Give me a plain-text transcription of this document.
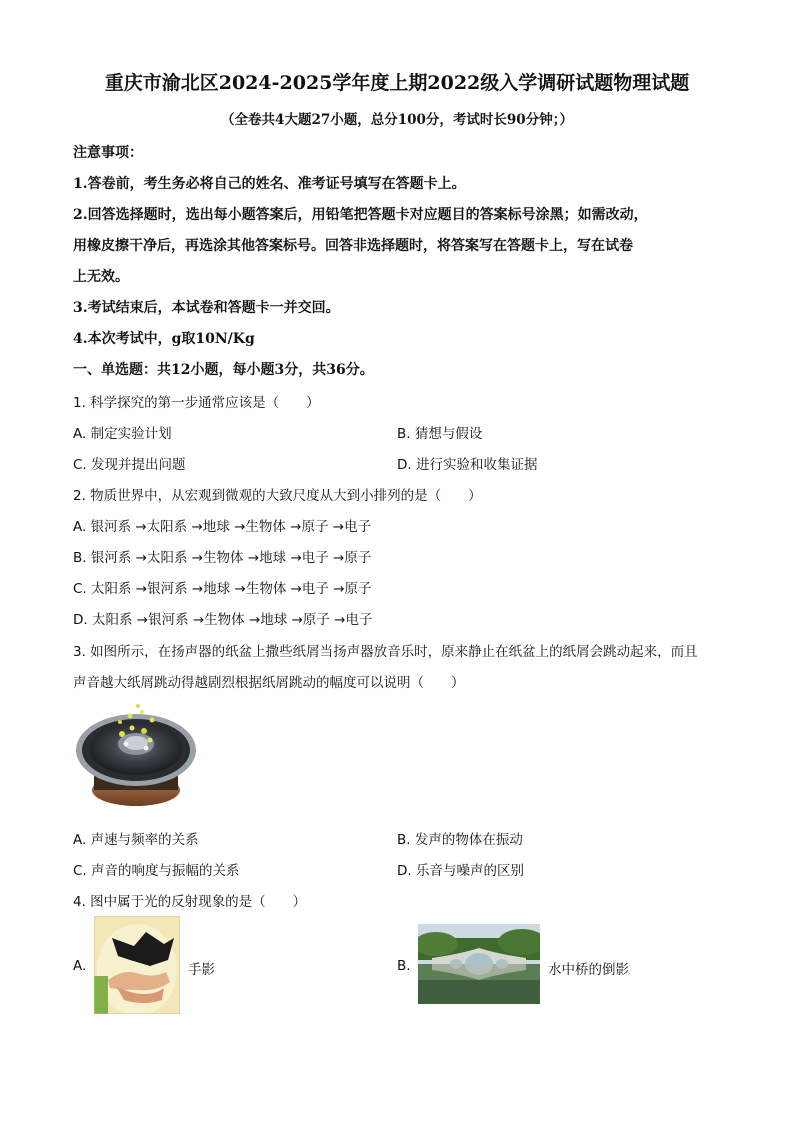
重庆市渝北区2024-2025学年度上期2022级入学调研试题物理试题
（全卷共4大题27小题，总分100分，考试时长90分钟；）
注意事项：
1.答卷前，考生务必将自己的姓名、准考证号填写在答题卡上。
2.回答选择题时，选出每小题答案后，用铅笔把答题卡对应题目的答案标号涂黑；如需改动，
用橡皮擦干净后，再选涂其他答案标号。回答非选择题时，将答案写在答题卡上，写在试卷
上无效。
3.考试结束后，本试卷和答题卡一并交回。
4.本次考试中，g取10N/Kg
一、单选题：共12小题，每小题3分，共36分。
1. 科学探究的第一步通常应该是（　　）
A. 制定实验计划	B. 猜想与假设
C. 发现并提出问题	D. 进行实验和收集证据
2. 物质世界中，从宏观到微观的大致尺度从大到小排列的是（　　）
A. 银河系 →太阳系 →地球 →生物体 →原子 →电子
B. 银河系 →太阳系 →生物体 →地球 →电子 →原子
C. 太阳系 →银河系 →地球 →生物体 →电子 →原子
D. 太阳系 →银河系 →生物体 →地球 →原子 →电子
3. 如图所示，在扬声器的纸盆上撒些纸屑当扬声器放音乐时，原来静止在纸盆上的纸屑会跳动起来，而且
声音越大纸屑跳动得越剧烈根据纸屑跳动的幅度可以说明（　　）
A. 声速与频率的关系	B. 发声的物体在振动
C. 声音的响度与振幅的关系	D. 乐音与噪声的区别
4. 图中属于光的反射现象的是（　　）
A.	手影	B.	水中桥的倒影
